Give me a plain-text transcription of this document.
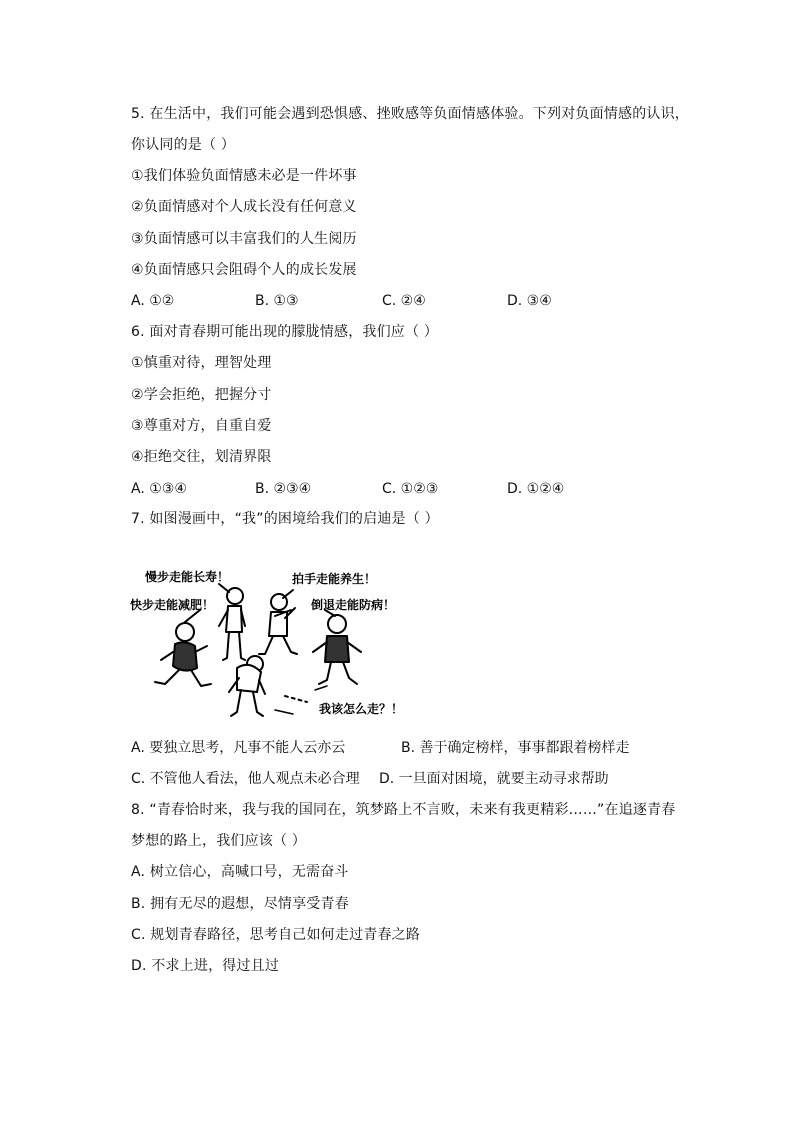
5. 在生活中，我们可能会遇到恐惧感、挫败感等负面情感体验。下列对负面情感的认识，
你认同的是（ ）
①我们体验负面情感未必是一件坏事
②负面情感对个人成长没有任何意义
③负面情感可以丰富我们的人生阅历
④负面情感只会阻碍个人的成长发展
A. ①②	B. ①③	C. ②④	D. ③④
6. 面对青春期可能出现的朦胧情感，我们应（ ）
①慎重对待，理智处理
②学会拒绝，把握分寸
③尊重对方，自重自爱
④拒绝交往，划清界限
A. ①③④	B. ②③④	C. ①②③	D. ①②④
7. 如图漫画中，“我”的困境给我们的启迪是（ ）
慢步走能长寿！	拍手走能养生！
快步走能减肥！	倒退走能防病！
我该怎么走？！
A. 要独立思考，凡事不能人云亦云	B. 善于确定榜样，事事都跟着榜样走
C. 不管他人看法，他人观点未必合理 D. 一旦面对困境，就要主动寻求帮助
8. “青春恰时来，我与我的国同在，筑梦路上不言败，未来有我更精彩……”在追逐青春
梦想的路上，我们应该（ ）
A. 树立信心，高喊口号，无需奋斗
B. 拥有无尽的遐想，尽情享受青春
C. 规划青春路径，思考自己如何走过青春之路
D. 不求上进，得过且过
